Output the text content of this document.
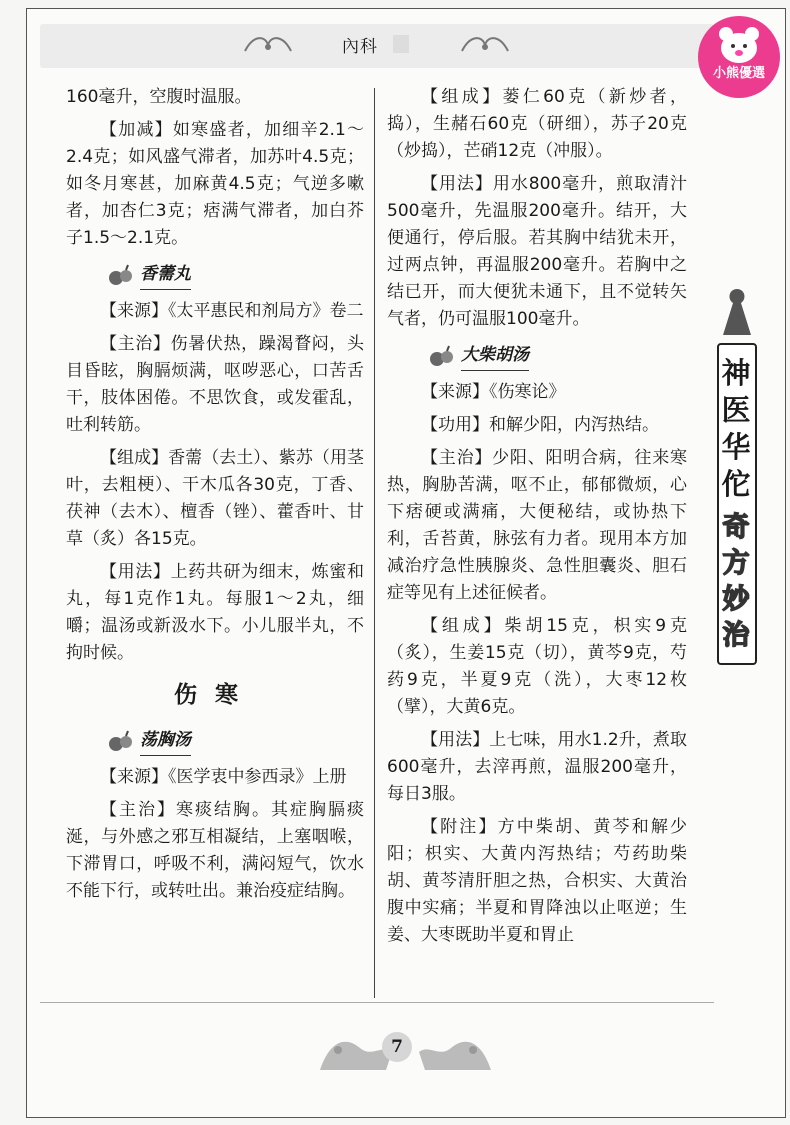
內科
小熊優選

160毫升，空腹时温服。

【加减】如寒盛者，加细辛2.1～2.4克；如风盛气滞者，加苏叶4.5克；如冬月寒甚，加麻黄4.5克；气逆多嗽者，加杏仁3克；痞满气滞者，加白芥子1.5～2.1克。

香薷丸

【来源】《太平惠民和剂局方》卷二

【主治】伤暑伏热，躁渴瞀闷，头目昏眩，胸膈烦满，呕哕恶心，口苦舌干，肢体困倦。不思饮食，或发霍乱，吐利转筋。

【组成】香薷（去土）、紫苏（用茎叶，去粗梗）、干木瓜各30克，丁香、茯神（去木）、檀香（锉）、藿香叶、甘草（炙）各15克。

【用法】上药共研为细末，炼蜜和丸，每1克作1丸。每服1～2丸，细嚼；温汤或新汲水下。小儿服半丸，不拘时候。

伤寒
荡胸汤

【来源】《医学衷中参西录》上册

【主治】寒痰结胸。其症胸膈痰涎，与外感之邪互相凝结，上塞咽喉，下滞胃口，呼吸不利，满闷短气，饮水不能下行，或转吐出。兼治疫症结胸。

【组成】蒌仁60克（新炒者，捣），生赭石60克（研细），苏子20克（炒捣），芒硝12克（冲服）。

【用法】用水800毫升，煎取清汁500毫升，先温服200毫升。结开，大便通行，停后服。若其胸中结犹未开，过两点钟，再温服200毫升。若胸中之结已开，而大便犹未通下，且不觉转矢气者，仍可温服100毫升。

大柴胡汤

【来源】《伤寒论》

【功用】和解少阳，内泻热结。

【主治】少阳、阳明合病，往来寒热，胸胁苦满，呕不止，郁郁微烦，心下痞硬或满痛，大便秘结，或协热下利，舌苔黄，脉弦有力者。现用本方加减治疗急性胰腺炎、急性胆囊炎、胆石症等见有上述征候者。

【组成】柴胡15克，枳实9克（炙），生姜15克（切），黄芩9克，芍药9克，半夏9克（洗），大枣12枚（擘），大黄6克。

【用法】上七味，用水1.2升，煮取600毫升，去滓再煎，温服200毫升，每日3服。

【附注】方中柴胡、黄芩和解少阳；枳实、大黄内泻热结；芍药助柴胡、黄芩清肝胆之热，合枳实、大黄治腹中实痛；半夏和胃降浊以止呕逆；生姜、大枣既助半夏和胃止

神医华佗
奇方妙治
7
